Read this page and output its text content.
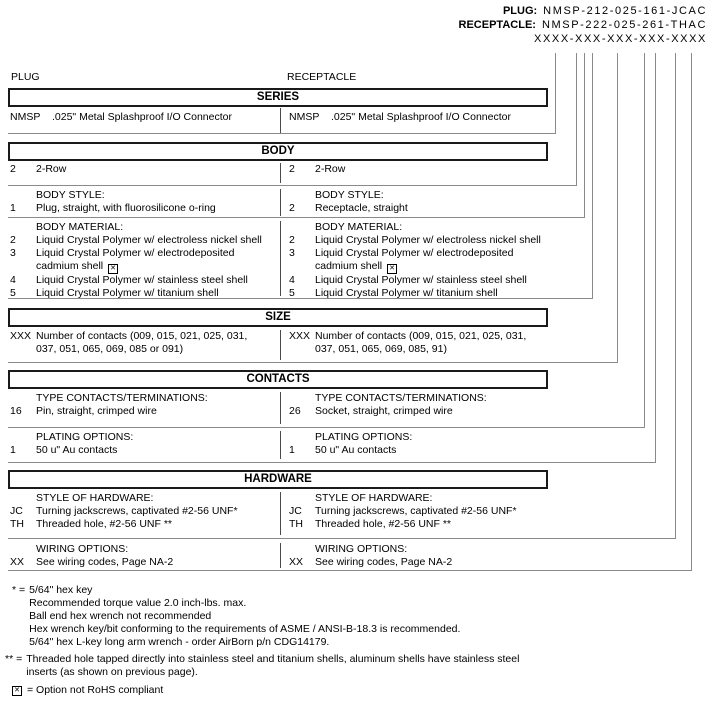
PLUG: NMSP-212-025-161-JCAC
RECEPTACLE: NMSP-222-025-261-THAC
XXXX-XXX-XXX-XXX-XXXX
PLUG	RECEPTACLE
SERIES
NMSP	.025" Metal Splashproof I/O Connector	NMSP	.025" Metal Splashproof I/O Connector
BODY
2	2-Row	2	2-Row
BODY STYLE:
1	Plug, straight, with fluorosilicone o-ring
BODY STYLE:
2	Receptacle, straight
BODY MATERIAL:
2	Liquid Crystal Polymer w/ electroless nickel shell
3	Liquid Crystal Polymer w/ electrodeposited
cadmium shell ✕
4	Liquid Crystal Polymer w/ stainless steel shell
5	Liquid Crystal Polymer w/ titanium shell
BODY MATERIAL:
2	Liquid Crystal Polymer w/ electroless nickel shell
3	Liquid Crystal Polymer w/ electrodeposited
cadmium shell ✕
4	Liquid Crystal Polymer w/ stainless steel shell
5	Liquid Crystal Polymer w/ titanium shell
SIZE
XXX Number of contacts (009, 015, 021, 025, 031,
037, 051, 065, 069, 085 or 091)
XXX Number of contacts (009, 015, 021, 025, 031,
037, 051, 065, 069, 085, 91)
CONTACTS
TYPE CONTACTS/TERMINATIONS:
16	Pin, straight, crimped wire
TYPE CONTACTS/TERMINATIONS:
26	Socket, straight, crimped wire
PLATING OPTIONS:
1	50 u" Au contacts
PLATING OPTIONS:
1	50 u" Au contacts
HARDWARE
STYLE OF HARDWARE:
JC	Turning jackscrews, captivated #2-56 UNF*
TH	Threaded hole, #2-56 UNF **
STYLE OF HARDWARE:
JC	Turning jackscrews, captivated #2-56 UNF*
TH	Threaded hole, #2-56 UNF **
WIRING OPTIONS:
XX	See wiring codes, Page NA-2
WIRING OPTIONS:
XX	See wiring codes, Page NA-2
* = 5/64" hex key
Recommended torque value 2.0 inch-lbs. max.
Ball end hex wrench not recommended
Hex wrench key/bit conforming to the requirements of ASME / ANSI-B-18.3 is recommended.
5/64" hex L-key long arm wrench - order AirBorn p/n CDG14179.
** = Threaded hole tapped directly into stainless steel and titanium shells, aluminum shells have stainless steel
inserts (as shown on previous page).
✕ = Option not RoHS compliant
